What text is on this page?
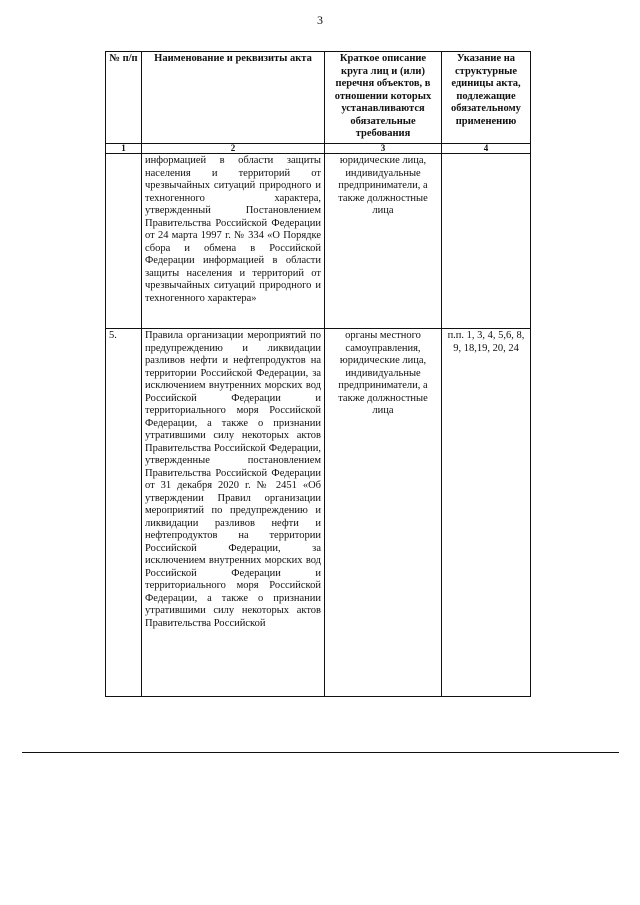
3
№ п/п	Наименование и реквизиты акта	Краткое описание круга лиц и (или) перечня объектов, в отношении которых устанавливаются обязательные требования	Указание на структурные единицы акта, подлежащие обязательному применению
1	2	3	4
	информацией в области защиты населения и территорий от чрезвычайных ситуаций природного и техногенного характера, утвержденный Постановлением Правительства Российской Федерации от 24 марта 1997 г. № 334 «О Порядке сбора и обмена в Российской Федерации информацией в области защиты населения и территорий от чрезвычайных ситуаций природного и техногенного характера»	юридические лица, индивидуальные предприниматели, а также должностные лица	
5.	Правила организации мероприятий по предупреждению и ликвидации разливов нефти и нефтепродуктов на территории Российской Федерации, за исключением внутренних морских вод Российской Федерации и территориального моря Российской Федерации, а также о признании утратившими силу некоторых актов Правительства Российской Федерации, утвержденные постановлением Правительства Российской Федерации от 31 декабря 2020 г. № 2451 «Об утверждении Правил организации мероприятий по предупреждению и ликвидации разливов нефти и нефтепродуктов на территории Российской Федерации, за исключением внутренних морских вод Российской Федерации и территориального моря Российской Федерации, а также о признании утратившими силу некоторых актов Правительства Российской	органы местного самоуправления, юридические лица, индивидуальные предприниматели, а также должностные лица	п.п. 1, 3, 4, 5,6, 8, 9, 18,19, 20, 24
